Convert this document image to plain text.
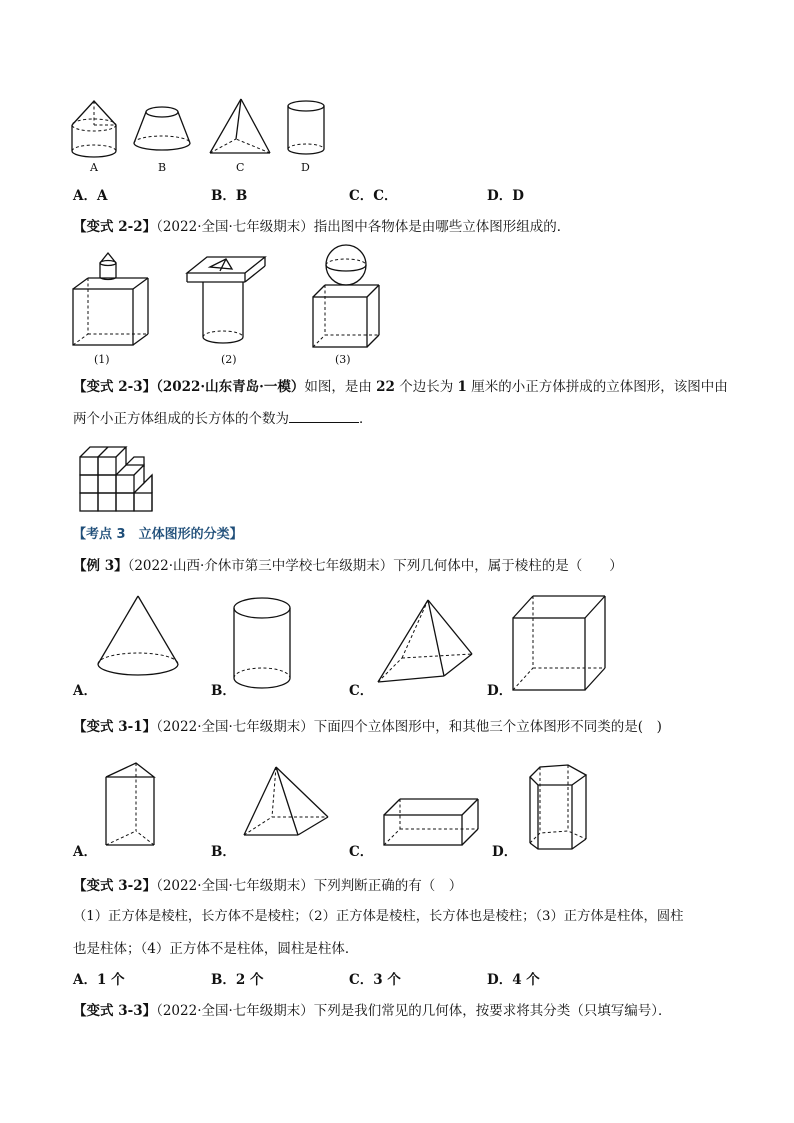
A	B	C	D
A．A	B．B	C．C．	D．D
【变式 2-2】（2022·全国·七年级期末）指出图中各物体是由哪些立体图形组成的．
(1)	(2)	(3)
【变式 2-3】（2022·山东青岛·一模）如图，是由 22 个边长为 1 厘米的小正方体拼成的立体图形，该图中由
两个小正方体组成的长方体的个数为	．
【考点 3　立体图形的分类】
【例 3】（2022·山西·介休市第三中学校七年级期末）下列几何体中，属于棱柱的是（　　）
A．	B．	C．	D．
【变式 3-1】（2022·全国·七年级期末）下面四个立体图形中，和其他三个立体图形不同类的是(　)
A．	B．	C．	D．
【变式 3-2】（2022·全国·七年级期末）下列判断正确的有（　）
（1）正方体是棱柱，长方体不是棱柱；（2）正方体是棱柱，长方体也是棱柱；（3）正方体是柱体，圆柱
也是柱体；（4）正方体不是柱体，圆柱是柱体．
A．1 个	B．2 个	C．3 个	D．4 个
【变式 3-3】（2022·全国·七年级期末）下列是我们常见的几何体，按要求将其分类（只填写编号）．
